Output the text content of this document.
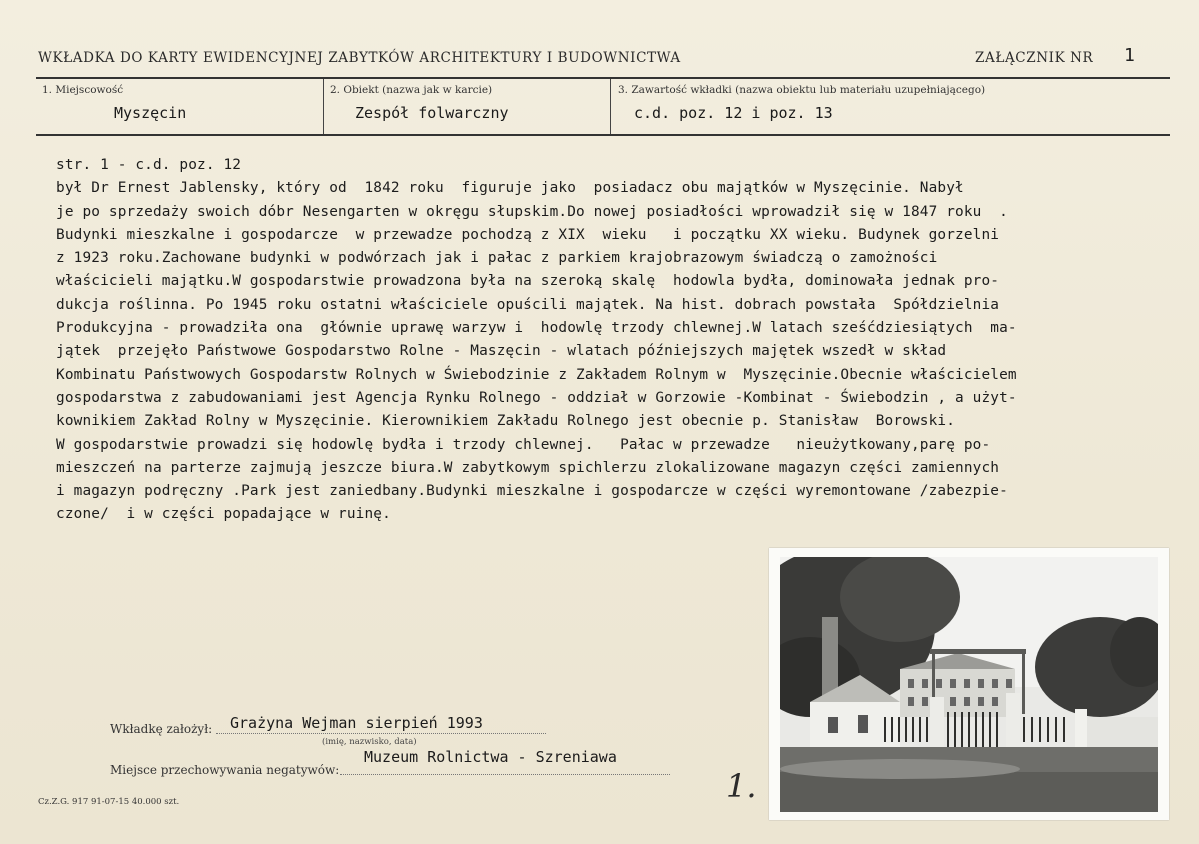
WKŁADKA DO KARTY EWIDENCYJNEJ ZABYTKÓW ARCHITEKTURY I BUDOWNICTWA	ZAŁĄCZNIK NR 1
1. Miejscowość
Myszęcin
2. Obiekt (nazwa jak w karcie)
Zespół folwarczny
3. Zawartość wkładki (nazwa obiektu lub materiału uzupełniającego)
c.d. poz. 12 i poz. 13
str. 1 - c.d. poz. 12
był Dr Ernest Jablensky, który od  1842 roku  figuruje jako  posiadacz obu majątków w Myszęcinie. Nabył
je po sprzedaży swoich dóbr Nesengarten w okręgu słupskim.Do nowej posiadłości wprowadził się w 1847 roku  .
Budynki mieszkalne i gospodarcze  w przewadze pochodzą z XIX  wieku   i początku XX wieku. Budynek gorzelni
z 1923 roku.Zachowane budynki w podwórzach jak i pałac z parkiem krajobrazowym świadczą o zamożności
właścicieli majątku.W gospodarstwie prowadzona była na szeroką skalę  hodowla bydła, dominowała jednak pro-
dukcja roślinna. Po 1945 roku ostatni właściciele opuścili majątek. Na hist. dobrach powstała  Spółdzielnia
Produkcyjna - prowadziła ona  głównie uprawę warzyw i  hodowlę trzody chlewnej.W latach sześćdziesiątych  ma-
jątek  przejęło Państwowe Gospodarstwo Rolne - Maszęcin - wlatach późniejszych majętek wszedł w skład
Kombinatu Państwowych Gospodarstw Rolnych w Świebodzinie z Zakładem Rolnym w  Myszęcinie.Obecnie właścicielem
gospodarstwa z zabudowaniami jest Agencja Rynku Rolnego - oddział w Gorzowie -Kombinat - Świebodzin , a użyt-
kownikiem Zakład Rolny w Myszęcinie. Kierownikiem Zakładu Rolnego jest obecnie p. Stanisław  Borowski.
W gospodarstwie prowadzi się hodowlę bydła i trzody chlewnej.   Pałac w przewadze   nieużytkowany,parę po-
mieszczeń na parterze zajmują jeszcze biura.W zabytkowym spichlerzu zlokalizowane magazyn części zamiennych
i magazyn podręczny .Park jest zaniedbany.Budynki mieszkalne i gospodarcze w części wyremontowane /zabezpie-
czone/  i w części popadające w ruinę.
Wkładkę założył: Grażyna Wejman sierpień 1993
(imię, nazwisko, data)
Miejsce przechowywania negatywów:
Muzeum Rolnictwa - Szreniawa
Cz.Z.G. 917 91-07-15 40.000 szt.	1.
